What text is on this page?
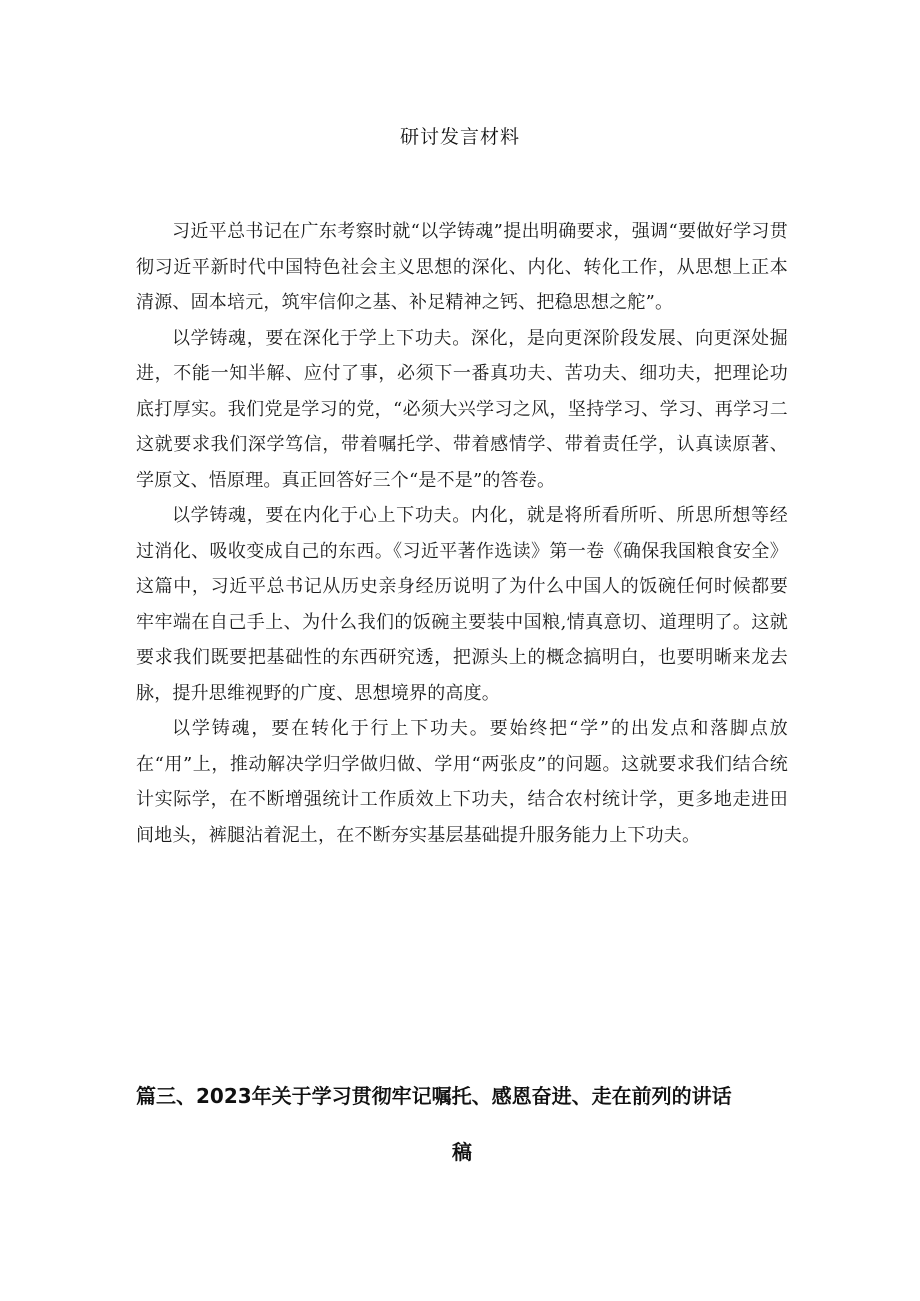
研讨发言材料

习近平总书记在广东考察时就“以学铸魂”提出明确要求，强调“要做好学习贯彻习近平新时代中国特色社会主义思想的深化、内化、转化工作，从思想上正本清源、固本培元，筑牢信仰之基、补足精神之钙、把稳思想之舵”。

以学铸魂，要在深化于学上下功夫。深化，是向更深阶段发展、向更深处掘进，不能一知半解、应付了事，必须下一番真功夫、苦功夫、细功夫，把理论功底打厚实。我们党是学习的党，“必须大兴学习之风，坚持学习、学习、再学习二这就要求我们深学笃信，带着嘱托学、带着感情学、带着责任学，认真读原著、学原文、悟原理。真正回答好三个“是不是”的答卷。

以学铸魂，要在内化于心上下功夫。内化，就是将所看所听、所思所想等经过消化、吸收变成自己的东西。《习近平著作选读》第一卷《确保我国粮食安全》这篇中，习近平总书记从历史亲身经历说明了为什么中国人的饭碗任何时候都要牢牢端在自己手上、为什么我们的饭碗主要装中国粮,情真意切、道理明了。这就要求我们既要把基础性的东西研究透，把源头上的概念搞明白，也要明晰来龙去脉，提升思维视野的广度、思想境界的高度。

以学铸魂，要在转化于行上下功夫。要始终把“学”的出发点和落脚点放在“用”上，推动解决学归学做归做、学用“两张皮”的问题。这就要求我们结合统计实际学，在不断增强统计工作质效上下功夫，结合农村统计学，更多地走进田间地头，裤腿沾着泥土，在不断夯实基层基础提升服务能力上下功夫。

篇三、2023年关于学习贯彻牢记嘱托、感恩奋进、走在前列的讲话
稿
